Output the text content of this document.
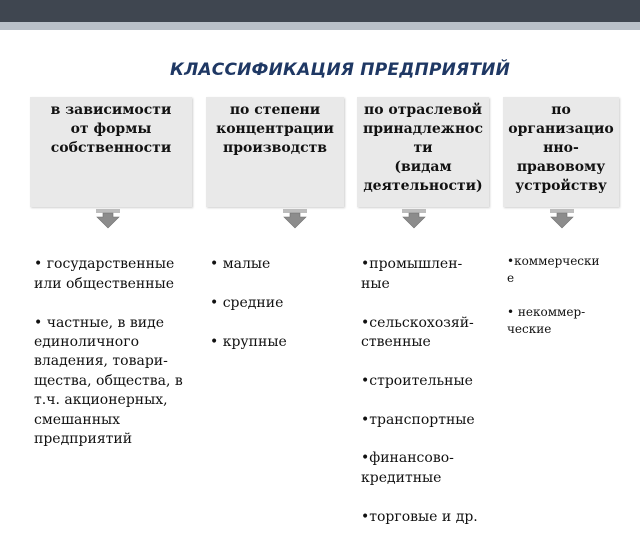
КЛАССИФИКАЦИЯ ПРЕДПРИЯТИЙ
в зависимости
от формы
собственности
по степени
концентрации
производств
по отраслевой
принадлежнос
ти
(видам
деятельности)
по
организацио
нно-
правовому
устройству

• государственные
или общественные

• частные, в виде
единоличного
владения, товари-
щества, общества, в
т.ч. акционерных,
смешанных
предприятий

• малые

• средние

• крупные

•промышлен-
ные

•сельскохозяй-
ственные

•строительные

•транспортные

•финансово-
кредитные

•торговые и др.

•коммерчески
е

• некоммер-
ческие
